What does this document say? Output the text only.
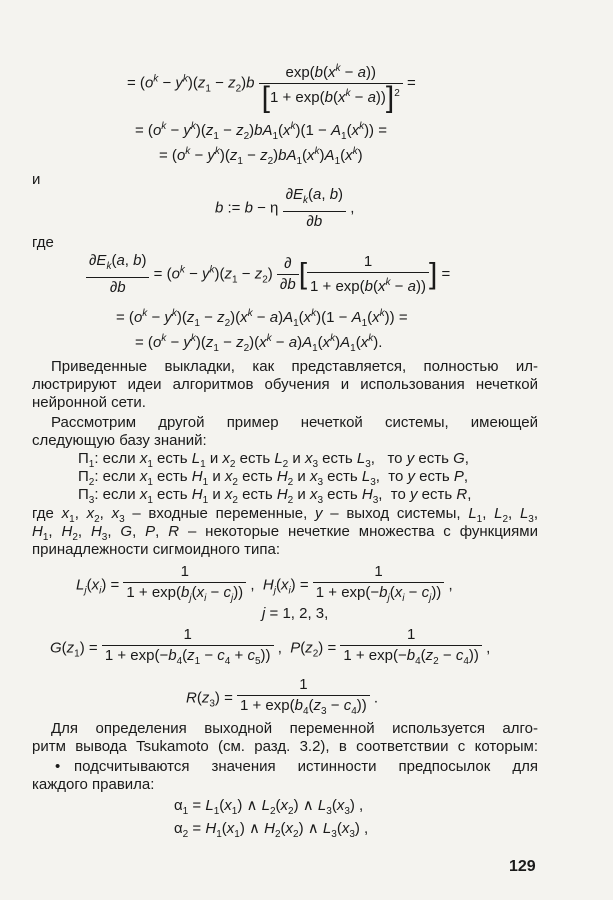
= $(o^k - y^k)(z_1 - z_2)b \frac{\exp(b(x^k - a))}{[1 + \exp(b(x^k - a))]^2}$ =
= $(o^k - y^k)(z_1 - z_2)bA_1(x^k)(1 - A_1(x^k))$ =
= $(o^k - y^k)(z_1 - z_2)bA_1(x^k)A_1(x^k)$
и
b := b − η $\frac{\partial E_k(a, b)}{\partial b}$ ,
где
$\frac{\partial E_k(a, b)}{\partial b} = (o^k - y^k)(z_1 - z_2) \frac{\partial}{\partial b}$ [ $\frac{1}{1 + \exp(b(x^k - a))}$ ] =
= $(o^k - y^k)(z_1 - z_2)(x^k - a)A_1(x^k)(1 - A_1(x^k))$ =
= $(o^k - y^k)(z_1 - z_2)(x^k - a)A_1(x^k)A_1(x^k)$.
Приведенные выкладки, как представляется, полностью ил-
люстрируют идеи алгоритмов обучения и использования нечеткой
нейронной сети.
Рассмотрим другой пример нечеткой системы, имеющей
следующую базу знаний:
$П_1$: если $x_1$ есть $L_1$ и $x_2$ есть $L_2$ и $x_3$ есть $L_3$,   то y есть G,
$П_2$: если $x_1$ есть $H_1$ и $x_2$ есть $H_2$ и $x_3$ есть $L_3$,  то y есть P,
$П_3$: если $x_1$ есть $H_1$ и $x_2$ есть $H_2$ и $x_3$ есть $H_3$,  то y есть R,
где $x_1$, $x_2$, $x_3$ – входные переменные, y – выход системы, $L_1$, $L_2$, $L_3$,
$H_1$, $H_2$, $H_3$, G, P, R – некоторые нечеткие множества с функциями
принадлежности сигмоидного типа:
$L_j(x_i) = \frac{1}{1 + \exp(b_j(x_i - c_j))}$ ,  $H_j(x_i) = \frac{1}{1 + \exp(-b_j(x_i - c_j))}$ ,
j = 1, 2, 3,
$G(z_1) = \frac{1}{1 + \exp(-b_4(z_1 - c_4 + c_5))}$ ,  $P(z_2) = \frac{1}{1 + \exp(-b_4(z_2 - c_4))}$ ,
$R(z_3) = \frac{1}{1 + \exp(b_4(z_3 - c_4))}$ .
Для определения выходной переменной используется алго-
ритм вывода Tsukamoto (см. разд. 3.2), в соответствии с которым:
• подсчитываются значения истинности предпосылок для
каждого правила:
$\alpha_1 = L_1(x_1)$ ∧ $L_2(x_2)$ ∧ $L_3(x_3)$ ,
$\alpha_2 = H_1(x_1)$ ∧ $H_2(x_2)$ ∧ $L_3(x_3)$ ,
129
